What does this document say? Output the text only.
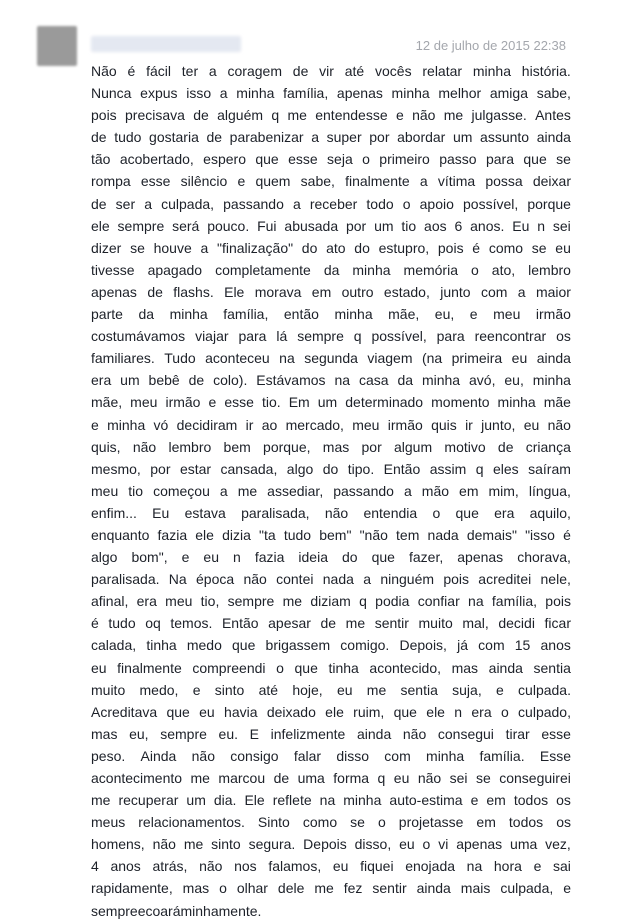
12 de julho de 2015 22:38
Não é fácil ter a coragem de vir até vocês relatar minha história.
Nunca expus isso a minha família, apenas minha melhor amiga sabe,
pois precisava de alguém q me entendesse e não me julgasse. Antes
de tudo gostaria de parabenizar a super por abordar um assunto ainda
tão acobertado, espero que esse seja o primeiro passo para que se
rompa esse silêncio e quem sabe, finalmente a vítima possa deixar
de ser a culpada, passando a receber todo o apoio possível, porque
ele sempre será pouco. Fui abusada por um tio aos 6 anos. Eu n sei
dizer se houve a "finalização" do ato do estupro, pois é como se eu
tivesse apagado completamente da minha memória o ato, lembro
apenas de flashs. Ele morava em outro estado, junto com a maior
parte da minha família, então minha mãe, eu, e meu irmão
costumávamos viajar para lá sempre q possível, para reencontrar os
familiares. Tudo aconteceu na segunda viagem (na primeira eu ainda
era um bebê de colo). Estávamos na casa da minha avó, eu, minha
mãe, meu irmão e esse tio. Em um determinado momento minha mãe
e minha vó decidiram ir ao mercado, meu irmão quis ir junto, eu não
quis, não lembro bem porque, mas por algum motivo de criança
mesmo, por estar cansada, algo do tipo. Então assim q eles saíram
meu tio começou a me assediar, passando a mão em mim, língua,
enfim... Eu estava paralisada, não entendia o que era aquilo,
enquanto fazia ele dizia "ta tudo bem" "não tem nada demais" "isso é
algo bom", e eu n fazia ideia do que fazer, apenas chorava,
paralisada. Na época não contei nada a ninguém pois acreditei nele,
afinal, era meu tio, sempre me diziam q podia confiar na família, pois
é tudo oq temos. Então apesar de me sentir muito mal, decidi ficar
calada, tinha medo que brigassem comigo. Depois, já com 15 anos
eu finalmente compreendi o que tinha acontecido, mas ainda sentia
muito medo, e sinto até hoje, eu me sentia suja, e culpada.
Acreditava que eu havia deixado ele ruim, que ele n era o culpado,
mas eu, sempre eu. E infelizmente ainda não consegui tirar esse
peso. Ainda não consigo falar disso com minha família. Esse
acontecimento me marcou de uma forma q eu não sei se conseguirei
me recuperar um dia. Ele reflete na minha auto-estima e em todos os
meus relacionamentos. Sinto como se o projetasse em todos os
homens, não me sinto segura. Depois disso, eu o vi apenas uma vez,
4 anos atrás, não nos falamos, eu fiquei enojada na hora e sai
rapidamente, mas o olhar dele me fez sentir ainda mais culpada, e
sempre ecoará minha mente.
